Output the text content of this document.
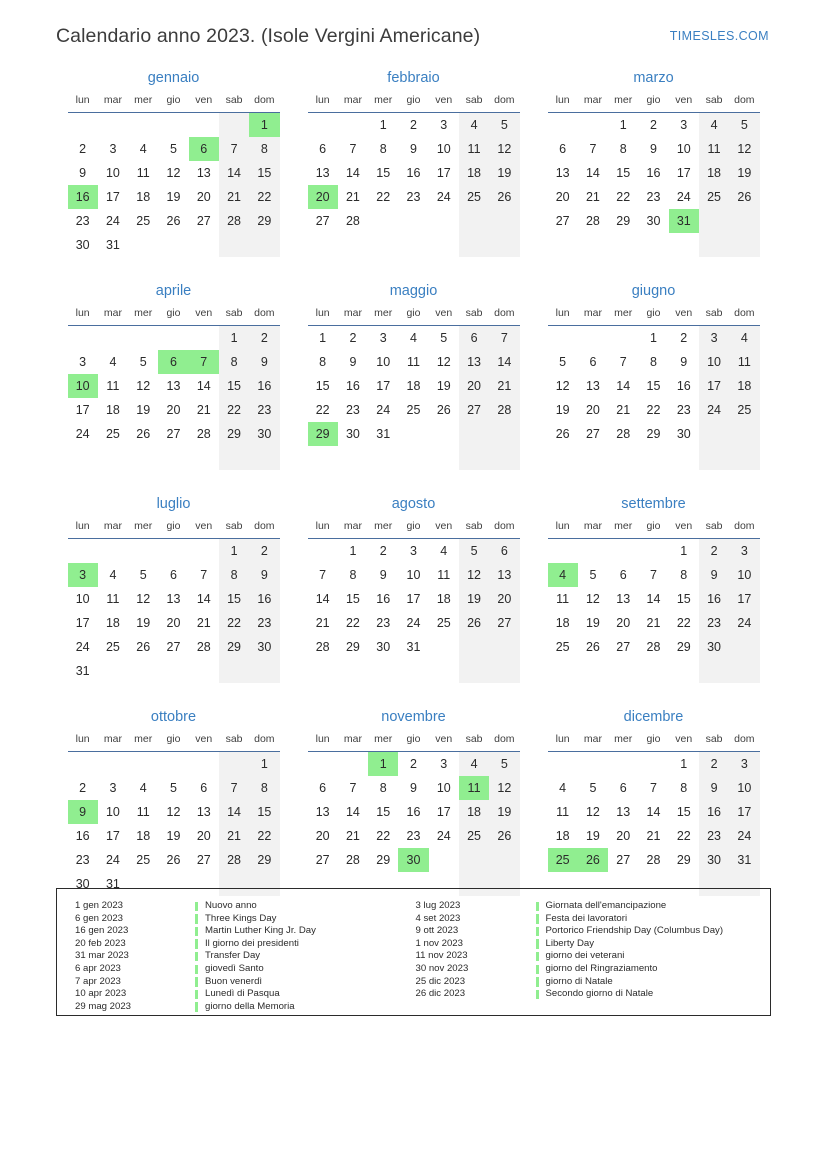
Calendario anno 2023. (Isole Vergini Americane)	TIMESLES.COM
gennaio
lun	mar	mer	gio	ven	sab	dom
						1
2	3	4	5	6	7	8
9	10	11	12	13	14	15
16	17	18	19	20	21	22
23	24	25	26	27	28	29
30	31					
febbraio
lun	mar	mer	gio	ven	sab	dom
		1	2	3	4	5
6	7	8	9	10	11	12
13	14	15	16	17	18	19
20	21	22	23	24	25	26
27	28					

marzo
lun	mar	mer	gio	ven	sab	dom
		1	2	3	4	5
6	7	8	9	10	11	12
13	14	15	16	17	18	19
20	21	22	23	24	25	26
27	28	29	30	31		

aprile
lun	mar	mer	gio	ven	sab	dom
					1	2
3	4	5	6	7	8	9
10	11	12	13	14	15	16
17	18	19	20	21	22	23
24	25	26	27	28	29	30

maggio
lun	mar	mer	gio	ven	sab	dom
1	2	3	4	5	6	7
8	9	10	11	12	13	14
15	16	17	18	19	20	21
22	23	24	25	26	27	28
29	30	31				

giugno
lun	mar	mer	gio	ven	sab	dom
			1	2	3	4
5	6	7	8	9	10	11
12	13	14	15	16	17	18
19	20	21	22	23	24	25
26	27	28	29	30		

luglio
lun	mar	mer	gio	ven	sab	dom
					1	2
3	4	5	6	7	8	9
10	11	12	13	14	15	16
17	18	19	20	21	22	23
24	25	26	27	28	29	30
31						
agosto
lun	mar	mer	gio	ven	sab	dom
	1	2	3	4	5	6
7	8	9	10	11	12	13
14	15	16	17	18	19	20
21	22	23	24	25	26	27
28	29	30	31			

settembre
lun	mar	mer	gio	ven	sab	dom
				1	2	3
4	5	6	7	8	9	10
11	12	13	14	15	16	17
18	19	20	21	22	23	24
25	26	27	28	29	30	

ottobre
lun	mar	mer	gio	ven	sab	dom
						1
2	3	4	5	6	7	8
9	10	11	12	13	14	15
16	17	18	19	20	21	22
23	24	25	26	27	28	29
30	31					
novembre
lun	mar	mer	gio	ven	sab	dom
		1	2	3	4	5
6	7	8	9	10	11	12
13	14	15	16	17	18	19
20	21	22	23	24	25	26
27	28	29	30			

dicembre
lun	mar	mer	gio	ven	sab	dom
				1	2	3
4	5	6	7	8	9	10
11	12	13	14	15	16	17
18	19	20	21	22	23	24
25	26	27	28	29	30	31

1 gen 2023	Nuovo anno
6 gen 2023	Three Kings Day
16 gen 2023	Martin Luther King Jr. Day
20 feb 2023	Il giorno dei presidenti
31 mar 2023	Transfer Day
6 apr 2023	giovedì Santo
7 apr 2023	Buon venerdì
10 apr 2023	Lunedì di Pasqua
29 mag 2023	giorno della Memoria
3 lug 2023	Giornata dell'emancipazione
4 set 2023	Festa dei lavoratori
9 ott 2023	Portorico Friendship Day (Columbus Day)
1 nov 2023	Liberty Day
11 nov 2023	giorno dei veterani
30 nov 2023	giorno del Ringraziamento
25 dic 2023	giorno di Natale
26 dic 2023	Secondo giorno di Natale
